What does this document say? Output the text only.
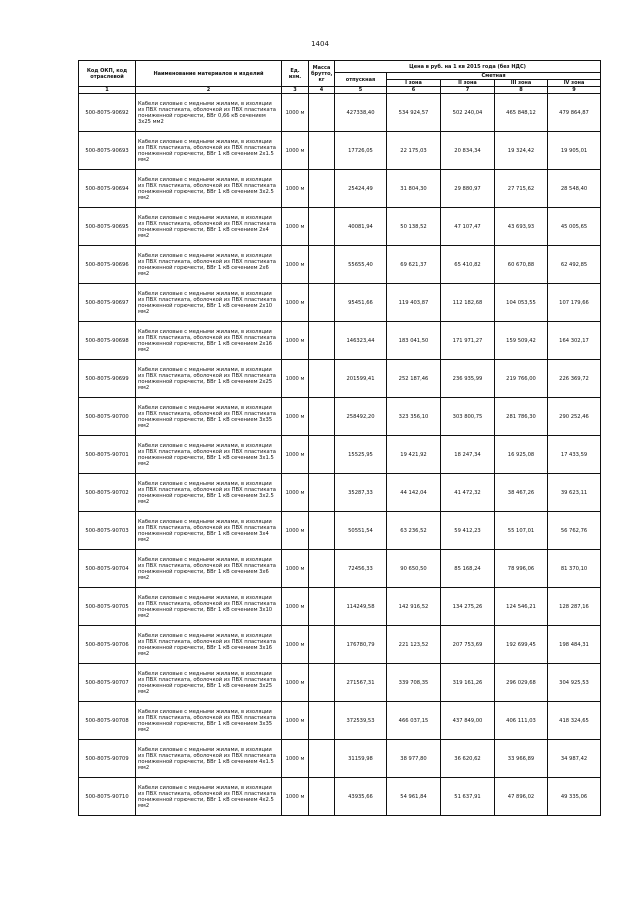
1404
Код ОКП, код отраслевой	Наименование материалов и изделий	Ед. изм.	Масса брутто, кг	Цена в руб. на 1 кв 2015 года (без НДС)				
				отпускная	Сметная			
					I зона	II зона	III зона	IV зона
1	2	3	4	5	6	7	8	9
500-8075-90692	Кабели силовые с медными жилами, в изоляции из ПВХ пластиката, оболочкой из ПВХ пластиката пониженной горючести, ВВг 0,66 кВ сечением 3х25 мм2	1000 м		427338,40	534 924,57	502 240,04	465 848,12	479 864,87
500-8075-90693	Кабели силовые с медными жилами, в изоляции из ПВХ пластиката, оболочкой из ПВХ пластиката пониженной горючести, ВВг 1 кВ сечением 2х1.5 мм2	1000 м		17726,05	22 175,03	20 834,34	19 324,42	19 905,01
500-8075-90694	Кабели силовые с медными жилами, в изоляции из ПВХ пластиката, оболочкой из ПВХ пластиката пониженной горючести, ВВг 1 кВ сечением 3х2.5 мм2	1000 м		25424,49	31 804,30	29 880,97	27 715,62	28 548,40
500-8075-90695	Кабели силовые с медными жилами, в изоляции из ПВХ пластиката, оболочкой из ПВХ пластиката пониженной горючести, ВВг 1 кВ сечением 2х4 мм2	1000 м		40081,94	50 138,52	47 107,47	43 693,93	45 005,65
500-8075-90696	Кабели силовые с медными жилами, в изоляции из ПВХ пластиката, оболочкой из ПВХ пластиката пониженной горючести, ВВг 1 кВ сечением 2х6 мм2	1000 м		55655,40	69 621,37	65 410,82	60 670,88	62 492,85
500-8075-90697	Кабели силовые с медными жилами, в изоляции из ПВХ пластиката, оболочкой из ПВХ пластиката пониженной горючести, ВВг 1 кВ сечением 2х10 мм2	1000 м		95451,66	119 403,87	112 182,68	104 053,55	107 179,66
500-8075-90698	Кабели силовые с медными жилами, в изоляции из ПВХ пластиката, оболочкой из ПВХ пластиката пониженной горючести, ВВг 1 кВ сечением 2х16 мм2	1000 м		146323,44	183 041,50	171 971,27	159 509,42	164 302,17
500-8075-90699	Кабели силовые с медными жилами, в изоляции из ПВХ пластиката, оболочкой из ПВХ пластиката пониженной горючести, ВВг 1 кВ сечением 2х25 мм2	1000 м		201599,41	252 187,46	236 935,99	219 766,00	226 369,72
500-8075-90700	Кабели силовые с медными жилами, в изоляции из ПВХ пластиката, оболочкой из ПВХ пластиката пониженной горючести, ВВг 1 кВ сечением 3х35 мм2	1000 м		258492,20	323 356,10	303 800,75	281 786,30	290 252,46
500-8075-90701	Кабели силовые с медными жилами, в изоляции из ПВХ пластиката, оболочкой из ПВХ пластиката пониженной горючести, ВВг 1 кВ сечением 3х1.5 мм2	1000 м		15525,95	19 421,92	18 247,34	16 925,08	17 433,59
500-8075-90702	Кабели силовые с медными жилами, в изоляции из ПВХ пластиката, оболочкой из ПВХ пластиката пониженной горючести, ВВг 1 кВ сечением 3х2.5 мм2	1000 м		35287,33	44 142,04	41 472,32	38 467,26	39 623,11
500-8075-90703	Кабели силовые с медными жилами, в изоляции из ПВХ пластиката, оболочкой из ПВХ пластиката пониженной горючести, ВВг 1 кВ сечением 3х4 мм2	1000 м		50551,54	63 236,52	59 412,23	55 107,01	56 762,76
500-8075-90704	Кабели силовые с медными жилами, в изоляции из ПВХ пластиката, оболочкой из ПВХ пластиката пониженной горючести, ВВг 1 кВ сечением 3х6 мм2	1000 м		72456,33	90 650,50	85 168,24	78 996,06	81 370,10
500-8075-90705	Кабели силовые с медными жилами, в изоляции из ПВХ пластиката, оболочкой из ПВХ пластиката пониженной горючести, ВВг 1 кВ сечением 3х10 мм2	1000 м		114249,58	142 916,52	134 275,26	124 546,21	128 287,16
500-8075-90706	Кабели силовые с медными жилами, в изоляции из ПВХ пластиката, оболочкой из ПВХ пластиката пониженной горючести, ВВг 1 кВ сечением 3х16 мм2	1000 м		176780,79	221 123,52	207 753,69	192 699,45	198 484,31
500-8075-90707	Кабели силовые с медными жилами, в изоляции из ПВХ пластиката, оболочкой из ПВХ пластиката пониженной горючести, ВВг 1 кВ сечением 3х25 мм2	1000 м		271567,31	339 708,35	319 161,26	296 029,68	304 925,53
500-8075-90708	Кабели силовые с медными жилами, в изоляции из ПВХ пластиката, оболочкой из ПВХ пластиката пониженной горючести, ВВг 1 кВ сечением 3х35 мм2	1000 м		372539,53	466 037,15	437 849,00	406 111,03	418 324,65
500-8075-90709	Кабели силовые с медными жилами, в изоляции из ПВХ пластиката, оболочкой из ПВХ пластиката пониженной горючести, ВВг 1 кВ сечением 4х1.5 мм2	1000 м		31159,98	38 977,80	36 620,62	33 966,89	34 987,42
500-8075-90710	Кабели силовые с медными жилами, в изоляции из ПВХ пластиката, оболочкой из ПВХ пластиката пониженной горючести, ВВг 1 кВ сечением 4х2.5 мм2	1000 м		43935,66	54 961,84	51 637,91	47 896,02	49 335,06
